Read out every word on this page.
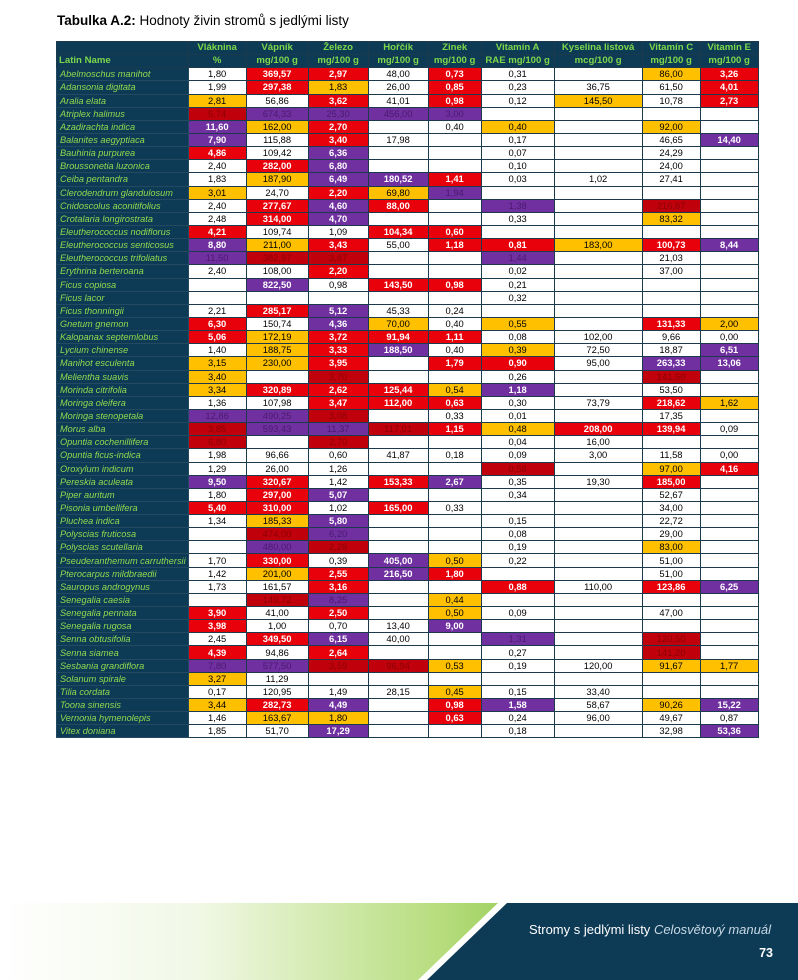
Tabulka A.2: Hodnoty živin stromů s jedlými listy
	Vláknina	Vápník	Železo	Hořčík	Zinek	Vitamín A	Kyselina listová	Vitamín C	Vitamín E
Latin Name	%	mg/100 g	mg/100 g	mg/100 g	mg/100 g	RAE mg/100 g	mcg/100 g	mg/100 g	mg/100 g
Abelmoschus manihot	1,80	369,57	2,97	48,00	0,73	0,31		86,00	3,26
Adansonia digitata	1,99	297,38	1,83	26,00	0,85	0,23	36,75	61,50	4,01
Aralia elata	2,81	56,86	3,62	41,01	0,98	0,12	145,50	10,78	2,73
Atriplex halimus	5,74	674,33	25,30	456,00	3,00				
Azadirachta indica	11,60	162,00	2,70		0,40	0,40		92,00	
Balanites aegyptiaca	7,90	115,88	3,40	17,98		0,17		46,65	14,40
Bauhinia purpurea	4,86	109,42	6,36			0,07		24,29	
Broussonetia luzonica	2,40	282,00	6,80			0,10		24,00	
Ceiba pentandra	1,83	187,90	6,49	180,52	1,41	0,03	1,02	27,41	
Clerodendrum glandulosum	3,01	24,70	2,20	69,80	1,94				
Cnidoscolus aconitifolius	2,40	277,67	4,60	88,00		1,38		216,67	
Crotalaria longirostrata	2,48	314,00	4,70			0,33		83,32	
Eleutherococcus nodiflorus	4,21	109,74	1,09	104,34	0,60				
Eleutherococcus senticosus	8,80	211,00	3,43	55,00	1,18	0,81	183,00	100,73	8,44
Eleutherococcus trifoliatus	11,50	382,97	3,87			1,44		21,03	
Erythrina berteroana	2,40	108,00	2,20			0,02		37,00	
Ficus copiosa		822,50	0,98	143,50	0,98	0,21			
Ficus lacor						0,32			
Ficus thonningii	2,21	285,17	5,12	45,33	0,24				
Gnetum gnemon	6,30	150,74	4,36	70,00	0,40	0,55		131,33	2,00
Kalopanax septemlobus	5,06	172,19	3,72	91,94	1,11	0,08	102,00	9,66	0,00
Lycium chinense	1,40	188,75	3,33	188,50	0,40	0,39	72,50	18,87	6,51
Manihot esculenta	3,15	230,00	3,95		1,79	0,90	95,00	263,33	13,06
Melientha suavis	3,40		3,70			0,26		141,50	
Morinda citrifolia	3,34	320,89	2,62	125,44	0,54	1,18		53,50	
Moringa oleifera	1,36	107,98	3,47	112,00	0,63	0,30	73,79	218,62	1,62
Moringa stenopetala	12,86	490,25	3,08		0,33	0,01		17,35	
Morus alba	3,85	593,43	11,37	117,01	1,15	0,48	208,00	139,94	0,09
Opuntia cochenillifera	6,80		2,70			0,04	16,00		
Opuntia ficus-indica	1,98	96,66	0,60	41,87	0,18	0,09	3,00	11,58	0,00
Oroxylum indicum	1,29	26,00	1,26			0,58		97,00	4,16
Pereskia aculeata	9,50	320,67	1,42	153,33	2,67	0,35	19,30	185,00	
Piper auritum	1,80	297,00	5,07			0,34		52,67	
Pisonia umbellifera	5,40	310,00	1,02	165,00	0,33			34,00	
Pluchea indica	1,34	185,33	5,80			0,15		22,72	
Polyscias fruticosa		474,00	6,20			0,08		29,00	
Polyscias scutellaria		480,00	2,28			0,19		83,00	
Pseuderanthemum carruthersii	1,70	330,00	0,39	405,00	0,50	0,22		51,00	
Pterocarpus mildbraedii	1,42	201,00	2,55	216,50	1,80			51,00	
Sauropus androgynus	1,73	161,57	3,16			0,88	110,00	123,86	6,25
Senegalia caesia		149,72	8,25		0,44				
Senegalia pennata	3,90	41,00	2,50		0,50	0,09		47,00	
Senegalia rugosa	3,98	1,00	0,70	13,40	9,00				
Senna obtusifolia	2,45	349,50	6,15	40,00		1,31		120,50	
Senna siamea	4,39	94,86	2,64			0,27		141,20	
Sesbania grandiflora	7,80	577,50	3,59	96,94	0,53	0,19	120,00	91,67	1,77
Solanum spirale	3,27	11,29							
Tilia cordata	0,17	120,95	1,49	28,15	0,45	0,15	33,40		
Toona sinensis	3,44	282,73	4,49		0,98	1,58	58,67	90,26	15,22
Vernonia hymenolepis	1,46	163,67	1,80		0,63	0,24	96,00	49,67	0,87
Vitex doniana	1,85	51,70	17,29			0,18		32,98	53,36
Stromy s jedlými listy Celosvětový manuál
73
